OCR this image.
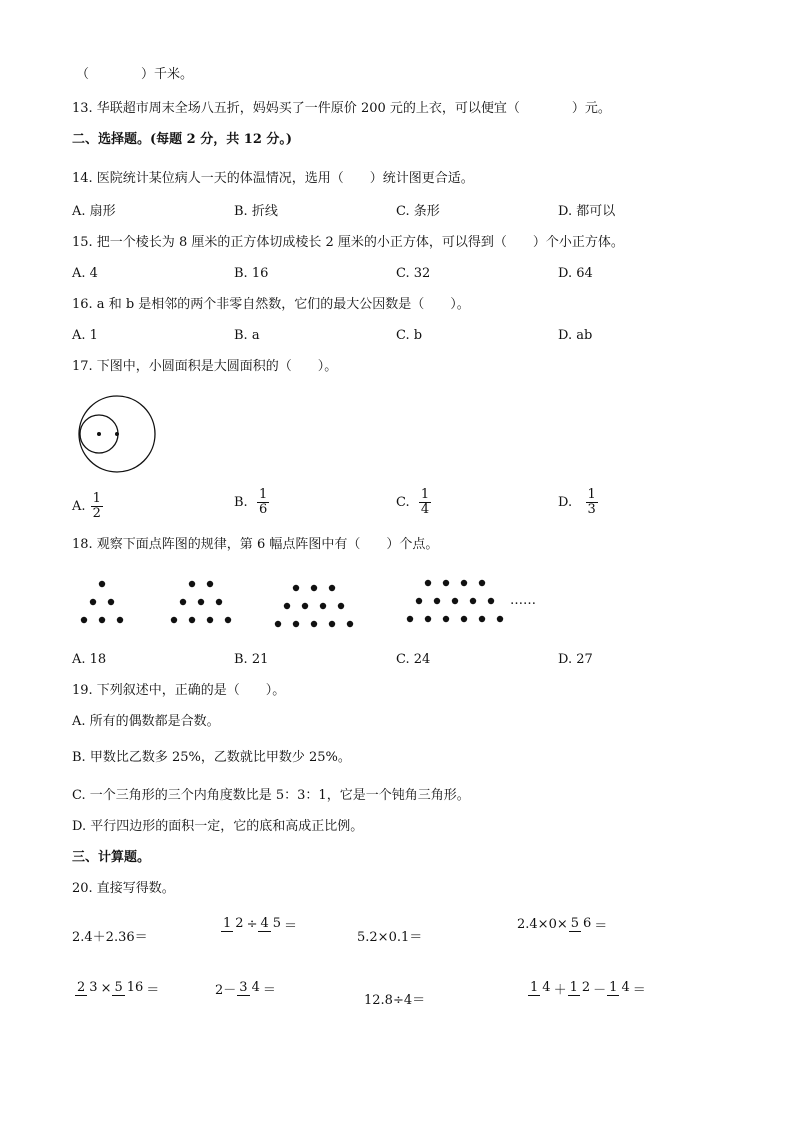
（　　　　）千米。
13. 华联超市周末全场八五折，妈妈买了一件原价 200 元的上衣，可以便宜（　　　　）元。
二、选择题。(每题 2 分，共 12 分。)
14. 医院统计某位病人一天的体温情况，选用（　　）统计图更合适。
A. 扇形	B. 折线	C. 条形	D. 都可以
15. 把一个棱长为 8 厘米的正方体切成棱长 2 厘米的小正方体，可以得到（　　）个小正方体。
A. 4	B. 16	C. 32	D. 64
16. a 和 b 是相邻的两个非零自然数，它们的最大公因数是（　　）。
A. 1	B. a	C. b	D. ab
17. 下图中，小圆面积是大圆面积的（　　）。
A.
$\frac{1}{2}$	B.
$\frac{1}{6}$	C.
$\frac{1}{4}$	D.
$\frac{1}{3}$
18. 观察下面点阵图的规律，第 6 幅点阵图中有（　　）个点。
……
A. 18	B. 21	C. 24	D. 27
19. 下列叙述中，正确的是（　　）。
A. 所有的偶数都是合数。
B. 甲数比乙数多 25%，乙数就比甲数少 25%。
C. 一个三角形的三个内角度数比是 5：3：1，它是一个钝角三角形。
D. 平行四边形的面积一定，它的底和高成正比例。
三、计算题。
20. 直接写得数。
2.4＋2.36＝
1 2 ÷ 4 5 ＝
5.2×0.1＝
2.4×0× 5 6 ＝
2 3 × 5 16 ＝	2－ 3 4 ＝
12.8÷4＝
1 4 ＋ 1 2 － 1 4 ＝
